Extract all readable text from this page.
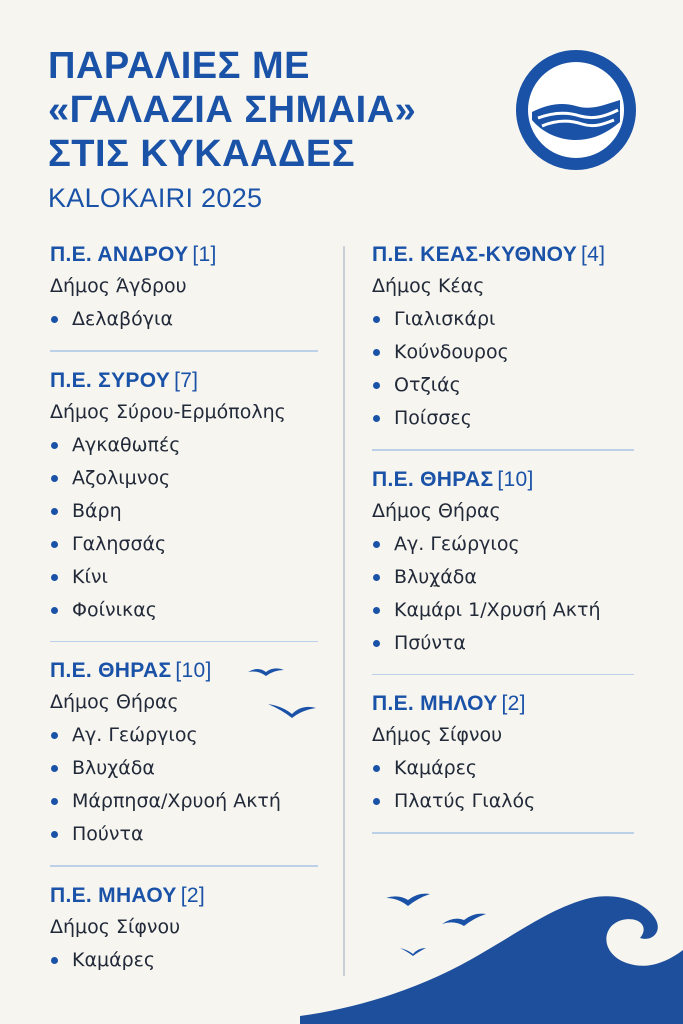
ΠΑΡΑΛΙΕΣ ΜΕ
«ΓΑΛΑΖΙΑ ΣΗΜΑΙΑ»
ΣΤΙΣ ΚΥΚΑΑΔΕΣ
KALOKAIRI 2025
Π.Ε. ΑΝΔΡΟΥ [1]
Δήμος Άγδρου
Δελαβόγια
Π.Ε. ΣΥΡΟΥ [7]
Δήμος Σύρου-Ερμόπολης
Αγκαθωπές
Αζολιμνος
Βάρη
Γαλησσάς
Κίνι
Φοίνικας
Π.Ε. ΘΗΡΑΣ [10]
Δήμος Θήρας
Αγ. Γεώργιος
Βλυχάδα
Μάρπησα/Χρυοή Ακτή
Πούντα
Π.Ε. ΜΗΑΟΥ [2]
Δήμος Σίφνου
Καμάρες
Π.Ε. ΚΕΑΣ-ΚΥΘΝΟΥ [4]
Δήμος Κέας
Γιαλισκάρι
Κούνδουρος
Οτζιάς
Ποίσσες
Π.Ε. ΘΗΡΑΣ [10]
Δήμος Θήρας
Αγ. Γεώργιος
Βλυχ̧άδα
Καμάρι 1/Χρυσή Ακτή
Πσύντα
Π.Ε. ΜΗΛΟΥ [2]
Δήμος Σίφνου
Καμάρες
Πλατύς Γιαλός
